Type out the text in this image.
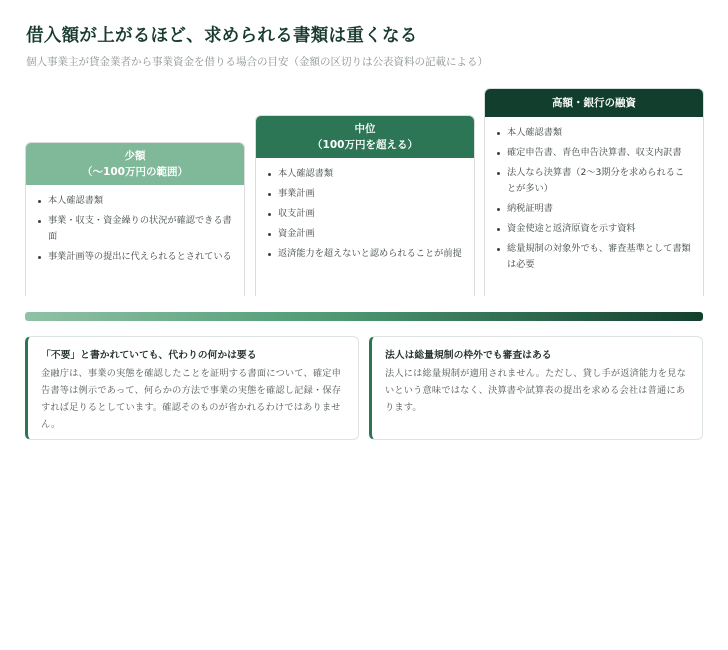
借入額が上がるほど、求められる書類は重くなる
個人事業主が貸金業者から事業資金を借りる場合の目安（金額の区切りは公表資料の記載による）
少額
（〜100万円の範囲）
本人確認書類
事業・収支・資金繰りの状況が確認できる書面
事業計画等の提出に代えられるとされている
中位
（100万円を超える）
本人確認書類
事業計画
収支計画
資金計画
返済能力を超えないと認められることが前提
高額・銀行の融資
本人確認書類
確定申告書、青色申告決算書、収支内訳書
法人なら決算書（2〜3期分を求められることが多い）
納税証明書
資金使途と返済原資を示す資料
総量規制の対象外でも、審査基準として書類は必要
「不要」と書かれていても、代わりの何かは要る
金融庁は、事業の実態を確認したことを証明する書面について、確定申告書等は例示であって、何らかの方法で事業の実態を確認し記録・保存すれば足りるとしています。確認そのものが省かれるわけではありません。
法人は総量規制の枠外でも審査はある
法人には総量規制が適用されません。ただし、貸し手が返済能力を見ないという意味ではなく、決算書や試算表の提出を求める会社は普通にあります。
